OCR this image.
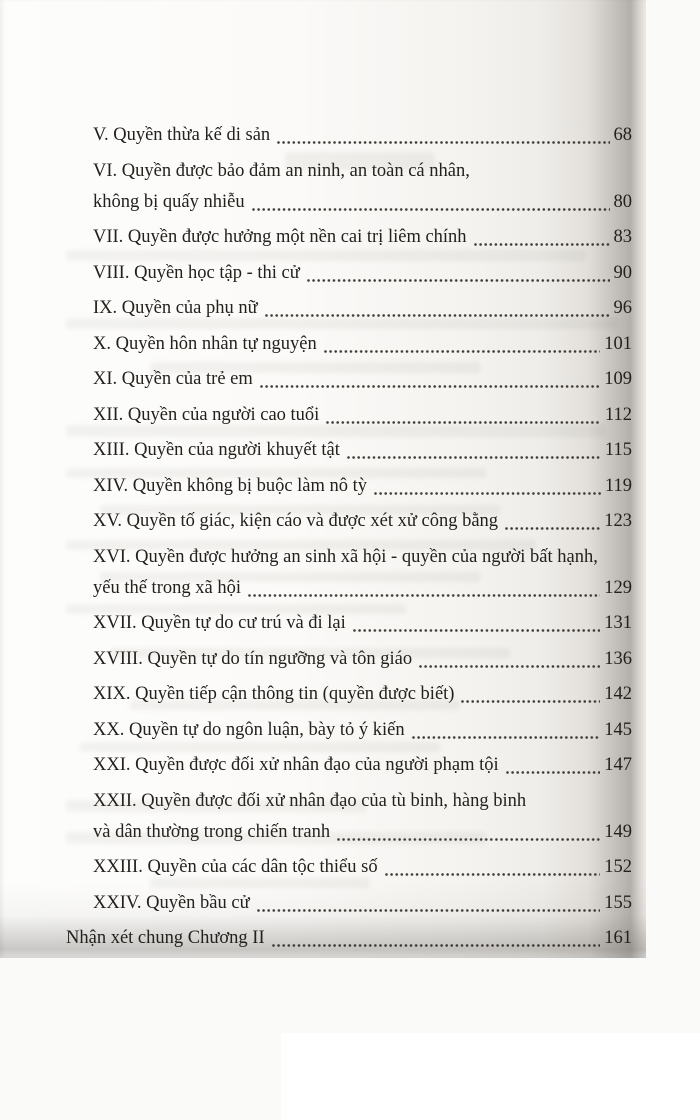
V. Quyền thừa kế di sản	68
VI. Quyền được bảo đảm an ninh, an toàn cá nhân,
không bị quấy nhiễu	80
VII. Quyền được hưởng một nền cai trị liêm chính	83
VIII. Quyền học tập - thi cử	90
IX. Quyền của phụ nữ	96
X. Quyền hôn nhân tự nguyện	101
XI. Quyền của trẻ em	109
XII. Quyền của người cao tuổi	112
XIII. Quyền của người khuyết tật	115
XIV. Quyền không bị buộc làm nô tỳ	119
XV. Quyền tố giác, kiện cáo và được xét xử công bằng	123
XVI. Quyền được hưởng an sinh xã hội - quyền của người bất hạnh,
yếu thế trong xã hội	129
XVII. Quyền tự do cư trú và đi lại	131
XVIII. Quyền tự do tín ngưỡng và tôn giáo	136
XIX. Quyền tiếp cận thông tin (quyền được biết)	142
XX. Quyền tự do ngôn luận, bày tỏ ý kiến	145
XXI. Quyền được đối xử nhân đạo của người phạm tội	147
XXII. Quyền được đối xử nhân đạo của tù binh, hàng binh
và dân thường trong chiến tranh	149
XXIII. Quyền của các dân tộc thiểu số	152
XXIV. Quyền bầu cử	155
Nhận xét chung Chương II	161
